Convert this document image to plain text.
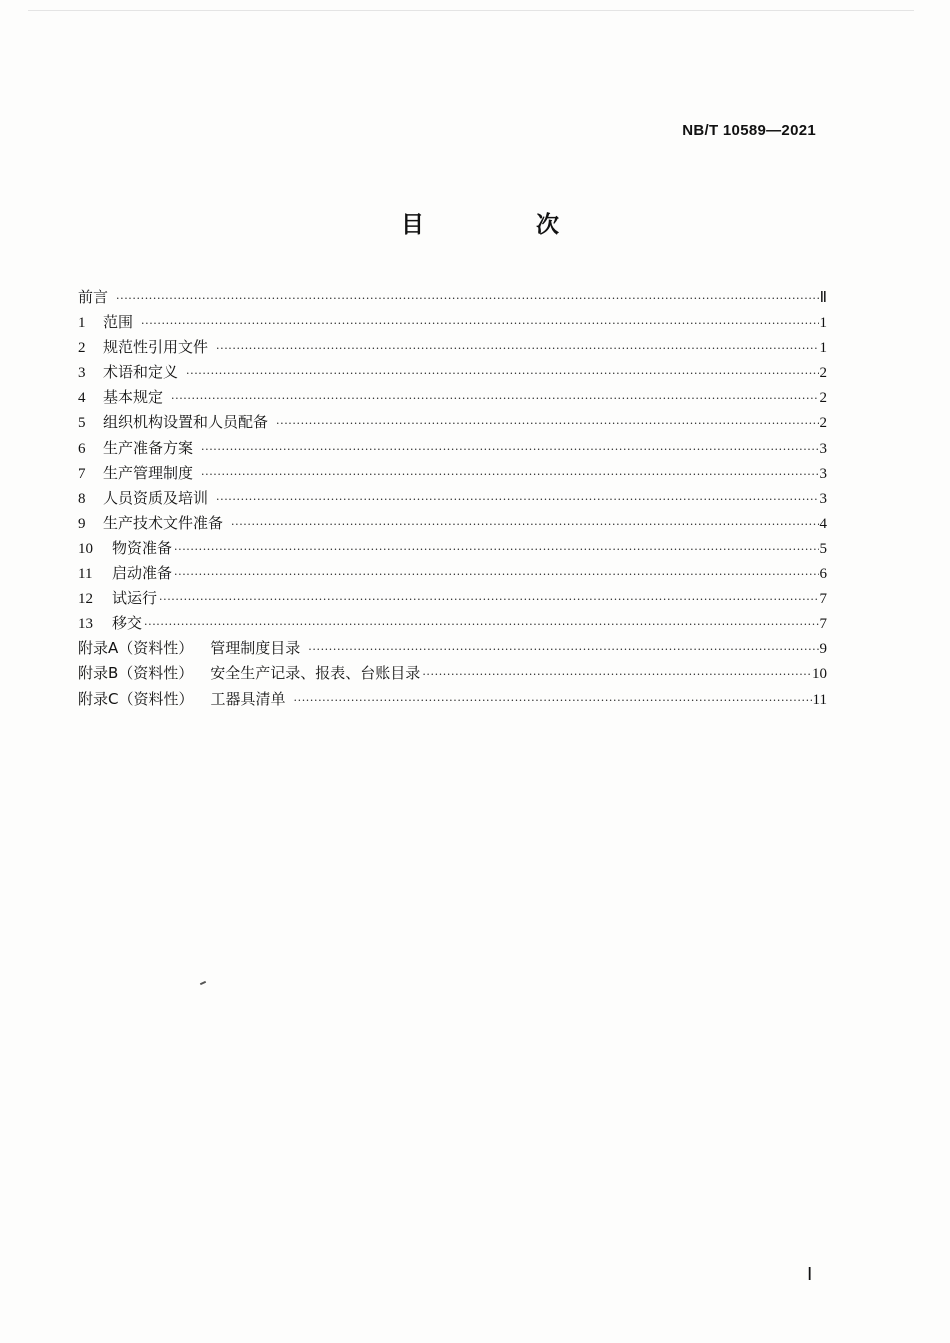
NB/T 10589—2021
目 次
前言 ·····	Ⅱ
1	范围 ·····	1
2	规范性引用文件 ·····	1
3	术语和定义 ·····	2
4	基本规定 ·····	2
5	组织机构设置和人员配备 ·····	2
6	生产准备方案 ·····	3
7	生产管理制度 ·····	3
8	人员资质及培训 ·····	3
9	生产技术文件准备 ·····	4
10	物资准备 ·····	5
11	启动准备 ·····	6
12	试运行 ·····	7
13	移交 ·····	7
附录A（资料性） 管理制度目录 ·····	9
附录B（资料性） 安全生产记录、报表、台账目录 ·····	10
附录C（资料性） 工器具清单 ·····	11
Ⅰ
